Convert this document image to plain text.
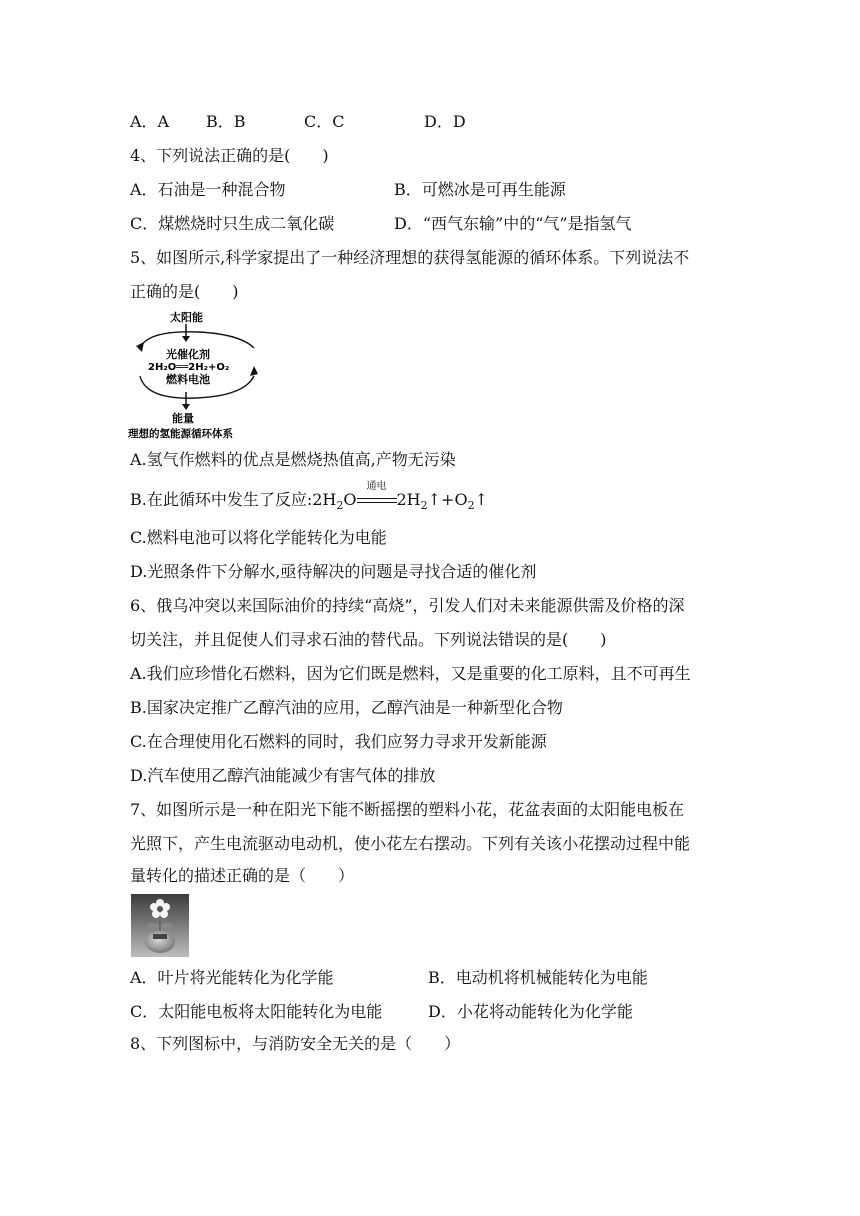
A．A B．B	C．C	D．D
4、下列说法正确的是(　　)
A．石油是一种混合物	B．可燃冰是可再生能源
C．煤燃烧时只生成二氧化碳	D．“西气东输”中的“气”是指氢气
5、如图所示,科学家提出了一种经济理想的获得氢能源的循环体系。下列说法不
正确的是(　　)
太阳能
光催化剂
2H₂O══2H₂+O₂
燃料电池
能量
理想的氢能源循环体系
A.氢气作燃料的优点是燃烧热值高,产物无污染
B.在此循环中发生了反应$:2H_2O$
通电
$2H_2↑+O_2↑$
C.燃料电池可以将化学能转化为电能
D.光照条件下分解水,亟待解决的问题是寻找合适的催化剂
6、俄乌冲突以来国际油价的持续“高烧”，引发人们对未来能源供需及价格的深
切关注，并且促使人们寻求石油的替代品。下列说法错误的是(　　)
A.我们应珍惜化石燃料，因为它们既是燃料，又是重要的化工原料，且不可再生
B.国家决定推广乙醇汽油的应用，乙醇汽油是一种新型化合物
C.在合理使用化石燃料的同时，我们应努力寻求开发新能源
D.汽车使用乙醇汽油能减少有害气体的排放
7、如图所示是一种在阳光下能不断摇摆的塑料小花，花盆表面的太阳能电板在
光照下，产生电流驱动电动机，使小花左右摆动。下列有关该小花摆动过程中能
量转化的描述正确的是（　　）
A．叶片将光能转化为化学能	B．电动机将机械能转化为电能
C．太阳能电板将太阳能转化为电能	D．小花将动能转化为化学能
8、下列图标中，与消防安全无关的是（　　）
